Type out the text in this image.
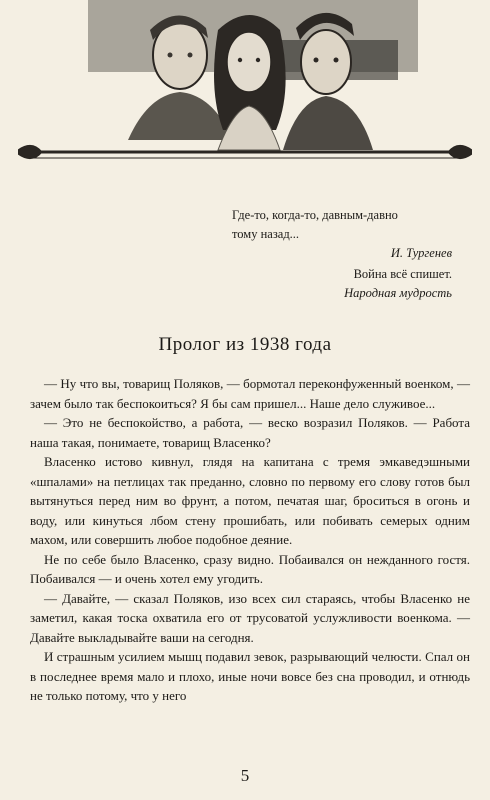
Где-то, когда-то, давным-давно
тому назад...
И. Тургенев
Война всё спишет.
Народная мудрость
Пролог из 1938 года

— Ну что вы, товарищ Поляков, — бормотал переконфуженный военком, — зачем было так беспокоиться? Я бы сам пришел... Наше дело служивое...

— Это не беспокойство, а работа, — веско возразил Поляков. — Работа наша такая, понимаете, товарищ Власенко?

Власенко истово кивнул, глядя на капитана с тремя эмкаведэшными «шпалами» на петлицах так преданно, словно по первому его слову готов был вытянуться перед ним во фрунт, а потом, печатая шаг, броситься в огонь и воду, или кинуться лбом стену прошибать, или побивать семерых одним махом, или совершить любое подобное деяние.

Не по себе было Власенко, сразу видно. Побаивался он нежданного гостя. Побаивался — и очень хотел ему угодить.

— Давайте, — сказал Поляков, изо всех сил стараясь, чтобы Власенко не заметил, какая тоска охватила его от трусоватой услужливости военкома. — Давайте выкладывайте ваши на сегодня.

И страшным усилием мышц подавил зевок, разрывающий челюсти. Спал он в последнее время мало и плохо, иные ночи вовсе без сна проводил, и отнюдь не только потому, что у него

5
